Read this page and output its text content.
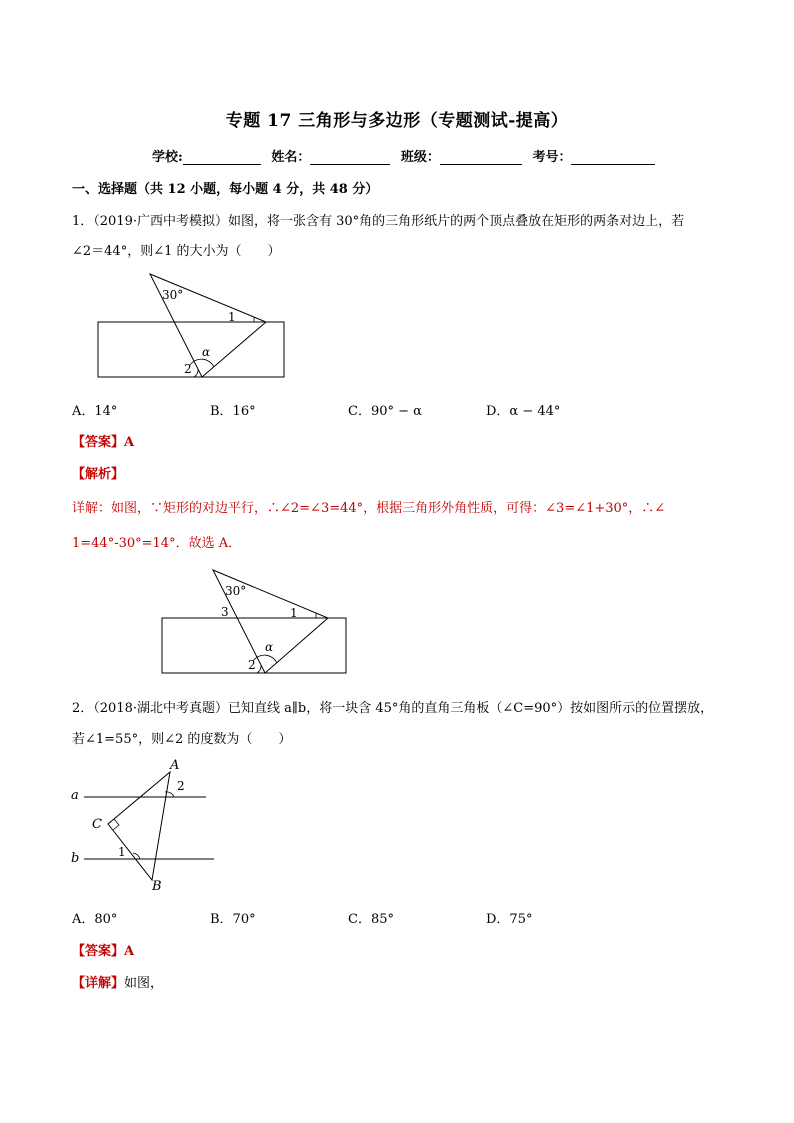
专题 17 三角形与多边形（专题测试-提高）
学校:	姓名：	班级：	考号：
一、选择题（共 12 小题，每小题 4 分，共 48 分）
1．（2019·广西中考模拟）如图，将一张含有 30°角的三角形纸片的两个顶点叠放在矩形的两条对边上，若
∠2＝44°，则∠1 的大小为（　　）
30°
1
2
α
A．14°	B．16°	C．90° − α	D．α − 44°
【答案】A
【解析】
详解：如图，∵矩形的对边平行，∴∠2=∠3=44°，根据三角形外角性质，可得：∠3=∠1+30°，∴∠
1=44°-30°=14°．故选 A．
30°
1
2
3
α
2．（2018·湖北中考真题）已知直线 a∥b，将一块含 45°角的直角三角板（∠C=90°）按如图所示的位置摆放，
若∠1=55°，则∠2 的度数为（　　）
A
B
C
a
b	1
2
A．80°	B．70°	C．85°	D．75°
【答案】A
【详解】如图，
